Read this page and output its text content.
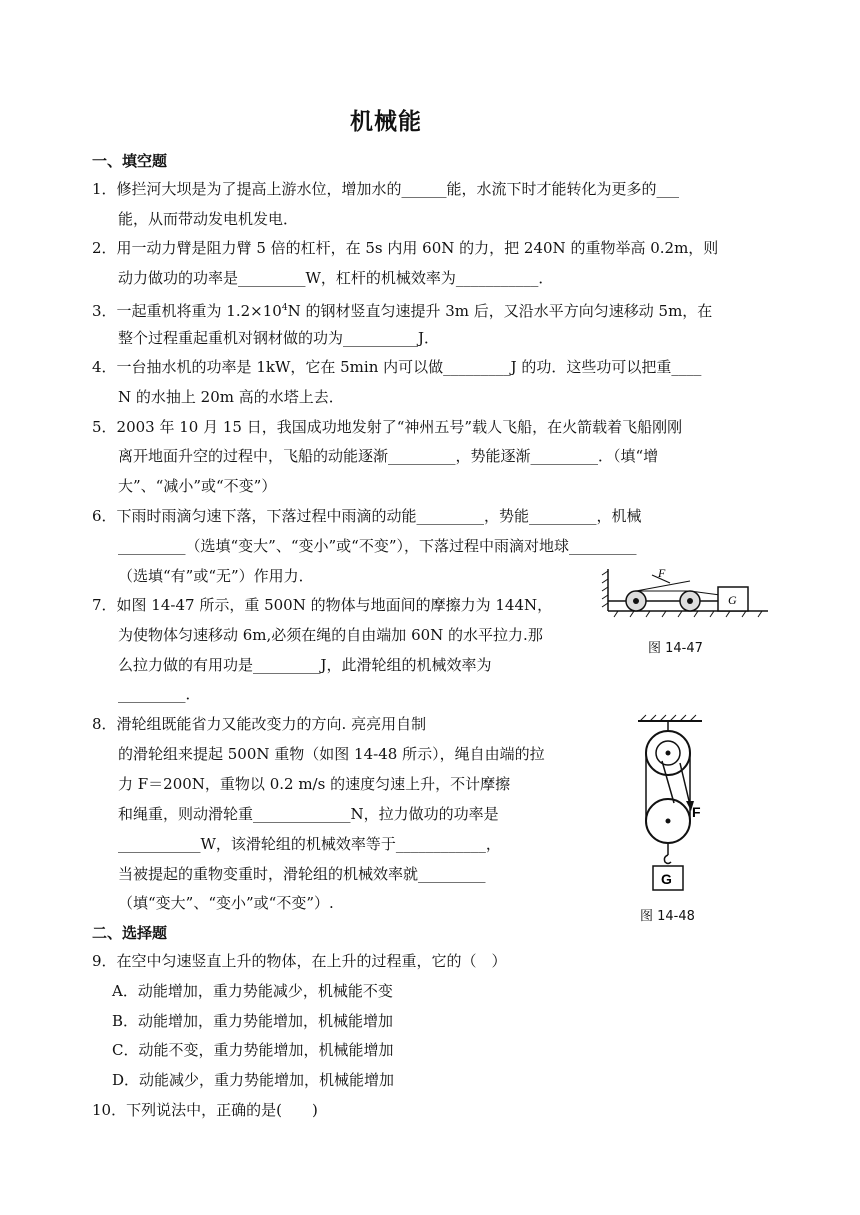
机械能
一、填空题
1．修拦河大坝是为了提高上游水位，增加水的______能，水流下时才能转化为更多的___
能，从而带动发电机发电．
2．用一动力臂是阻力臂 5 倍的杠杆，在 5s 内用 60N 的力，把 240N 的重物举高 0.2m，则
动力做功的功率是_________W，杠杆的机械效率为___________．
3．一起重机将重为 $1.2\times 10^4N$ 的钢材竖直匀速提升 3m 后，又沿水平方向匀速移动 5m，在
整个过程重起重机对钢材做的功为__________J．
4．一台抽水机的功率是 1kW，它在 5min 内可以做_________J 的功．这些功可以把重____
N 的水抽上 20m 高的水塔上去．
5．2003 年 10 月 15 日，我国成功地发射了“神州五号”载人飞船，在火箭载着飞船刚刚
离开地面升空的过程中，飞船的动能逐渐_________，势能逐渐_________．（填“增
大”、“减小”或“不变”）
6．下雨时雨滴匀速下落，下落过程中雨滴的动能_________，势能_________，机械
_________（选填“变大”、“变小”或“不变”），下落过程中雨滴对地球_________
（选填“有”或“无”）作用力．	F
G
图 14-47
7．如图 14-47 所示，重 500N 的物体与地面间的摩擦力为 144N，
为使物体匀速移动 6m,必须在绳的自由端加 60N 的水平拉力.那
么拉力做的有用功是_________J，此滑轮组的机械效率为
_________．
F
G
图 14-48
8．滑轮组既能省力又能改变力的方向. 亮亮用自制
的滑轮组来提起 500N 重物（如图 14-48 所示），绳自由端的拉
力 F＝200N，重物以 0.2 m/s 的速度匀速上升，不计摩擦
和绳重，则动滑轮重_____________N，拉力做功的功率是
___________W，该滑轮组的机械效率等于____________，
当被提起的重物变重时，滑轮组的机械效率就_________
（填“变大”、“变小”或“不变”）.
二、选择题
9．在空中匀速竖直上升的物体，在上升的过程重，它的（　）
A．动能增加，重力势能减少，机械能不变
B．动能增加，重力势能增加，机械能增加
C．动能不变，重力势能增加，机械能增加
D．动能减少，重力势能增加，机械能增加
10．下列说法中，正确的是(　　)
